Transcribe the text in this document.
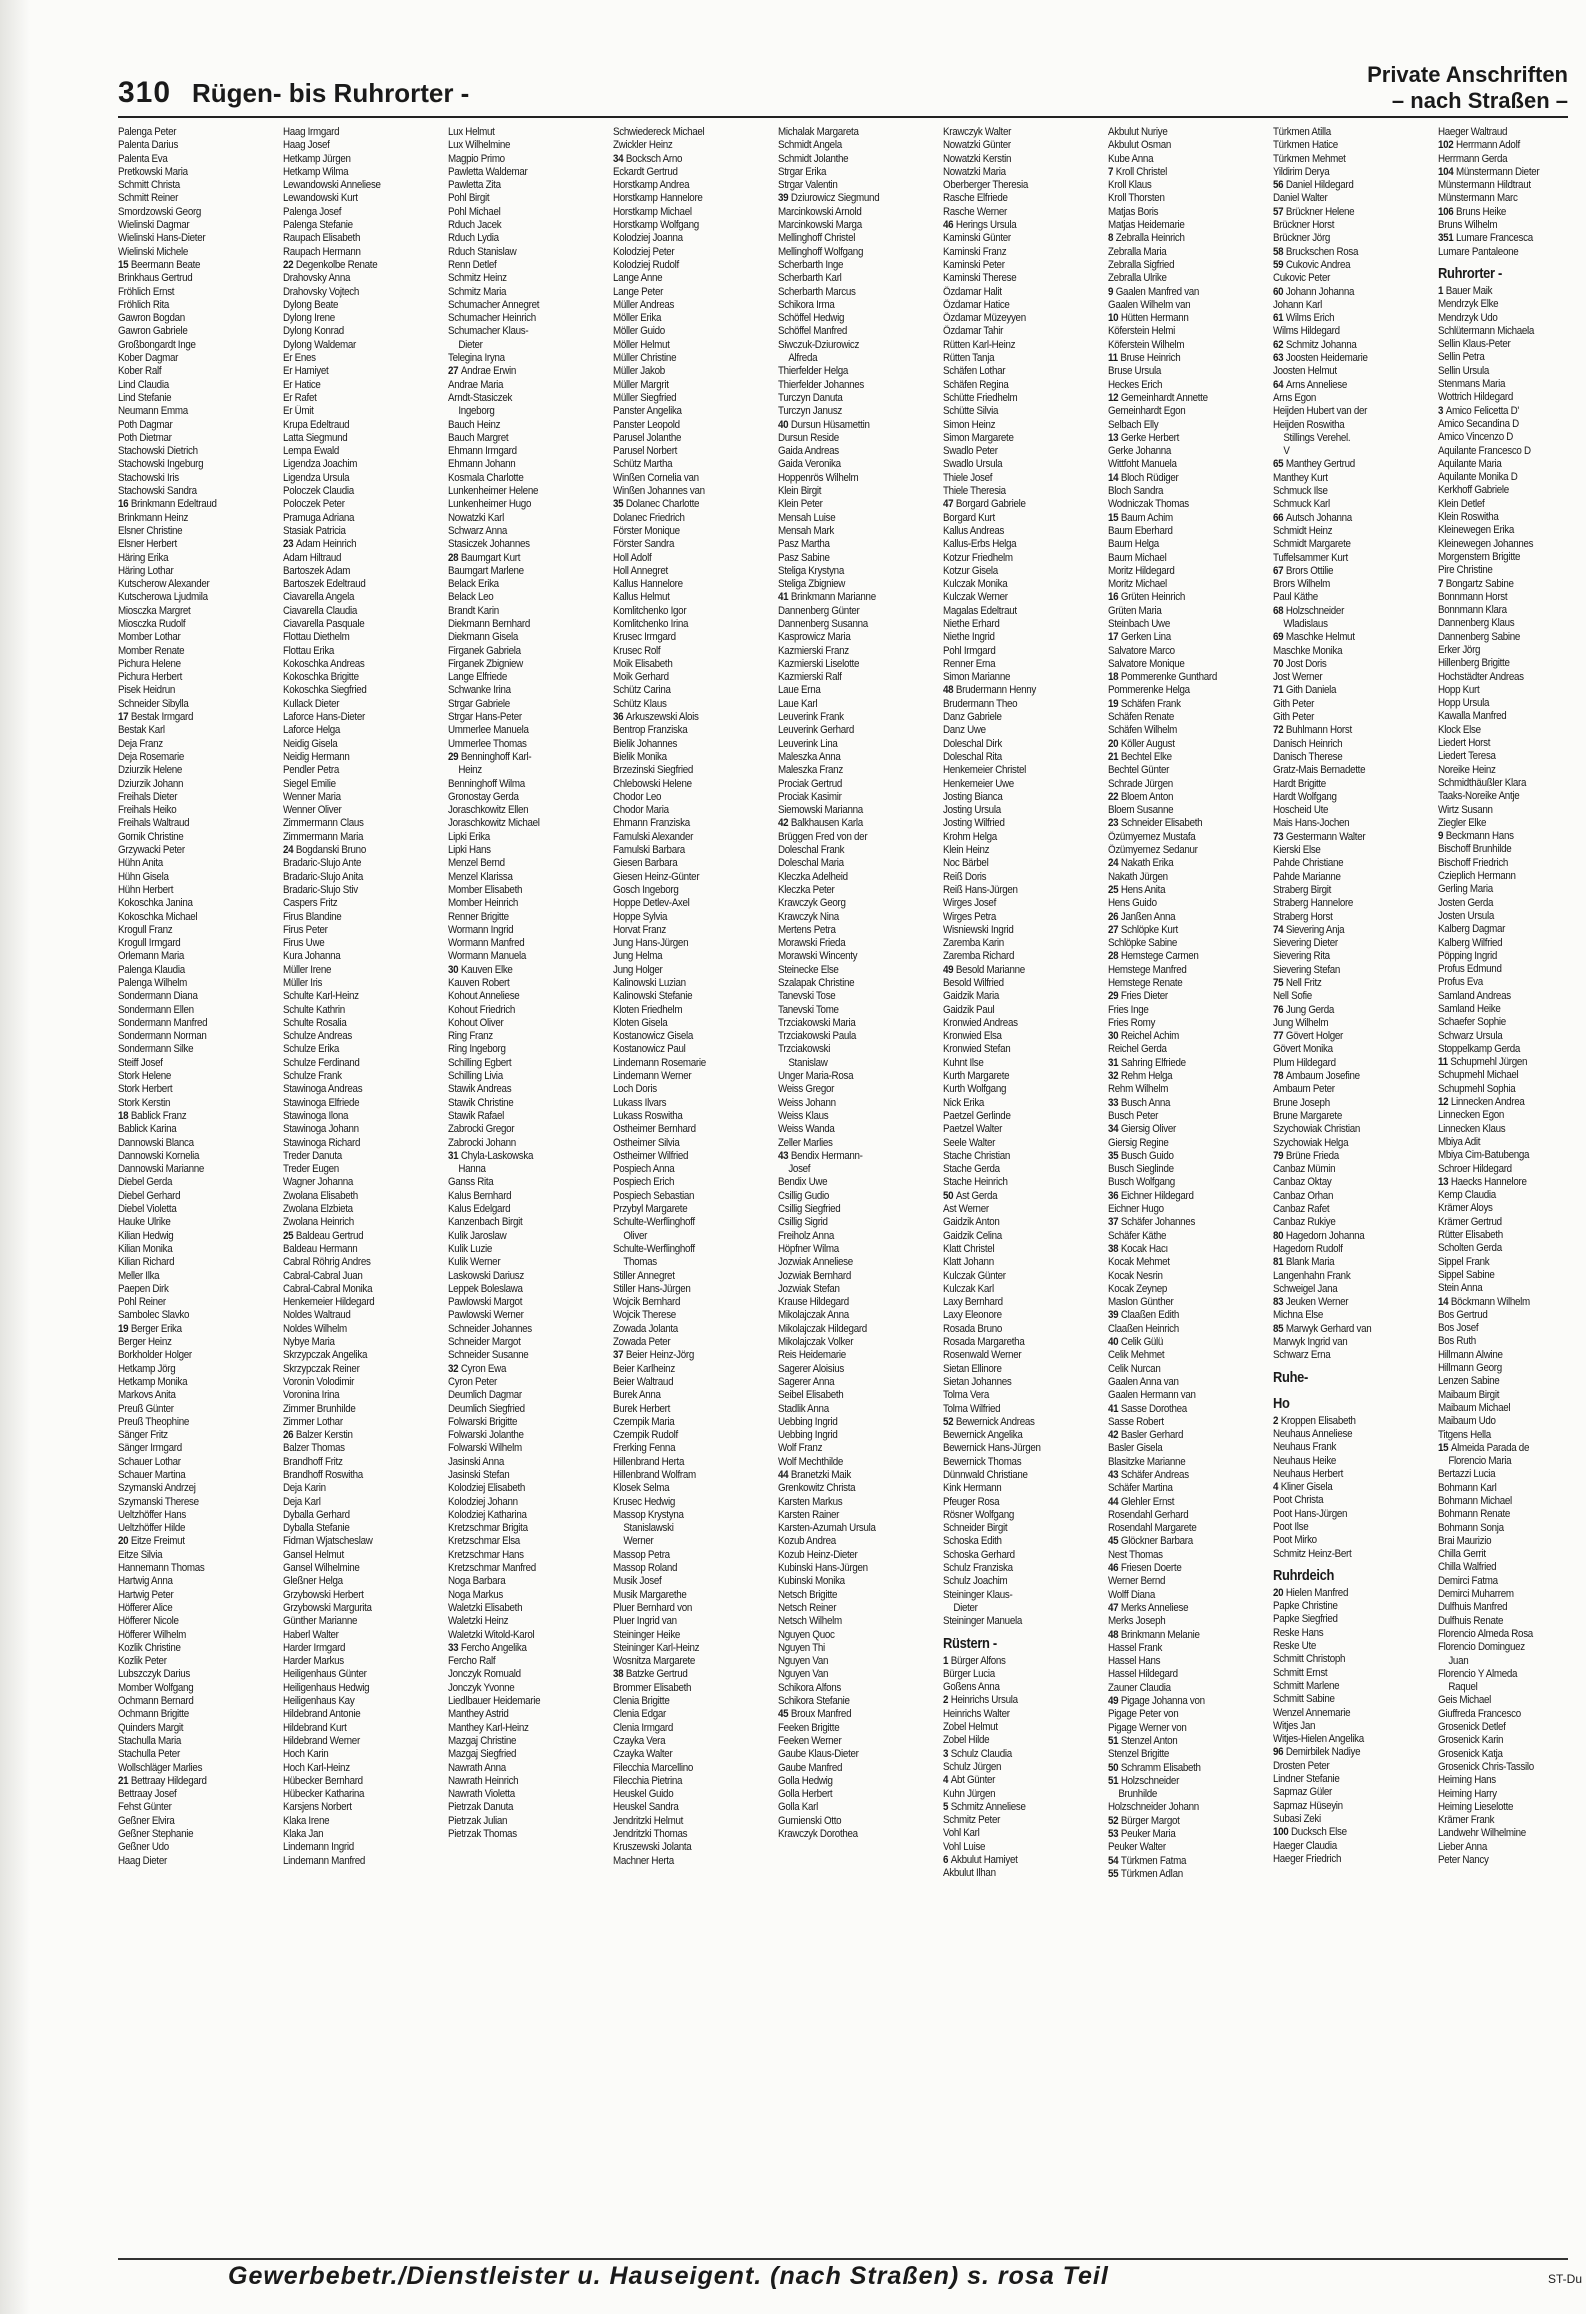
310 Rügen- bis Ruhrorter -
Private Anschriften
– nach Straßen –
Palenga Peter
Palenta Darius
Palenta Eva
Pretkowski Maria
Schmitt Christa
Schmitt Reiner
Smordzowski Georg
Wielinski Dagmar
Wielinski Hans-Dieter
Wielinski Michele
15 Beermann Beate
Brinkhaus Gertrud
Fröhlich Ernst
Fröhlich Rita
Gawron Bogdan
Gawron Gabriele
Großbongardt Inge
Kober Dagmar
Kober Ralf
Lind Claudia
Lind Stefanie
Neumann Emma
Poth Dagmar
Poth Dietmar
Stachowski Dietrich
Stachowski Ingeburg
Stachowski Iris
Stachowski Sandra
16 Brinkmann Edeltraud
Brinkmann Heinz
Elsner Christine
Elsner Herbert
Häring Erika
Häring Lothar
Kutscherow Alexander
Kutscherowa Ljudmila
Miosczka Margret
Miosczka Rudolf
Momber Lothar
Momber Renate
Pichura Helene
Pichura Herbert
Pisek Heidrun
Schneider Sibylla
17 Bestak Irmgard
Bestak Karl
Deja Franz
Deja Rosemarie
Dziurzik Helene
Dziurzik Johann
Freihals Dieter
Freihals Heiko
Freihals Waltraud
Gornik Christine
Grzywacki Peter
Hühn Anita
Hühn Gisela
Hühn Herbert
Kokoschka Janina
Kokoschka Michael
Krogull Franz
Krogull Irmgard
Orlemann Maria
Palenga Klaudia
Palenga Wilhelm
Sondermann Diana
Sondermann Ellen
Sondermann Manfred
Sondermann Norman
Sondermann Silke
Steiff Josef
Stork Helene
Stork Herbert
Stork Kerstin
18 Bablick Franz
Bablick Karina
Dannowski Blanca
Dannowski Kornelia
Dannowski Marianne
Diebel Gerda
Diebel Gerhard
Diebel Violetta
Hauke Ulrike
Kilian Hedwig
Kilian Monika
Kilian Richard
Meller Ilka
Paepen Dirk
Pohl Reiner
Sambolec Slavko
19 Berger Erika
Berger Heinz
Borkholder Holger
Hetkamp Jörg
Hetkamp Monika
Markovs Anita
Preuß Günter
Preuß Theophine
Sänger Fritz
Sänger Irmgard
Schauer Lothar
Schauer Martina
Szymanski Andrzej
Szymanski Therese
Ueltzhöffer Hans
Ueltzhöffer Hilde
20 Eitze Freimut
Eitze Silvia
Hannemann Thomas
Hartwig Anna
Hartwig Peter
Höfferer Alice
Höfferer Nicole
Höfferer Wilhelm
Kozlik Christine
Kozlik Peter
Lubszczyk Darius
Momber Wolfgang
Ochmann Bernard
Ochmann Brigitte
Quinders Margit
Stachulla Maria
Stachulla Peter
Wollschläger Marlies
21 Bettraay Hildegard
Bettraay Josef
Fehst Günter
Geßner Elvira
Geßner Stephanie
Geßner Udo
Haag Dieter
Haag Irmgard
Haag Josef
Hetkamp Jürgen
Hetkamp Wilma
Lewandowski Anneliese
Lewandowski Kurt
Palenga Josef
Palenga Stefanie
Raupach Elisabeth
Raupach Hermann
22 Degenkolbe Renate
Drahovsky Anna
Drahovsky Vojtech
Dylong Beate
Dylong Irene
Dylong Konrad
Dylong Waldemar
Er Enes
Er Hamiyet
Er Hatice
Er Rafet
Er Ümit
Krupa Edeltraud
Latta Siegmund
Lempa Ewald
Ligendza Joachim
Ligendza Ursula
Poloczek Claudia
Poloczek Peter
Pramuga Adriana
Stasiak Patricia
23 Adam Heinrich
Adam Hiltraud
Bartoszek Adam
Bartoszek Edeltraud
Ciavarella Angela
Ciavarella Claudia
Ciavarella Pasquale
Flottau Diethelm
Flottau Erika
Kokoschka Andreas
Kokoschka Brigitte
Kokoschka Siegfried
Kullack Dieter
Laforce Hans-Dieter
Laforce Helga
Neidig Gisela
Neidig Hermann
Pendler Petra
Siegel Emilie
Wenner Maria
Wenner Oliver
Zimmermann Claus
Zimmermann Maria
24 Bogdanski Bruno
Bradaric-Slujo Ante
Bradaric-Slujo Anita
Bradaric-Slujo Stiv
Caspers Fritz
Firus Blandine
Firus Peter
Firus Uwe
Kura Johanna
Müller Irene
Müller Iris
Schulte Karl-Heinz
Schulte Kathrin
Schulte Rosalia
Schulze Andreas
Schulze Erika
Schulze Ferdinand
Schulze Frank
Stawinoga Andreas
Stawinoga Elfriede
Stawinoga Ilona
Stawinoga Johann
Stawinoga Richard
Treder Danuta
Treder Eugen
Wagner Johanna
Zwolana Elisabeth
Zwolana Elzbieta
Zwolana Heinrich
25 Baldeau Gertrud
Baldeau Hermann
Cabral Röhrig Andres
Cabral-Cabral Juan
Cabral-Cabral Monika
Henkemeier Hildegard
Noldes Waltraud
Noldes Wilhelm
Nybye Maria
Skrzypczak Angelika
Skrzypczak Reiner
Voronin Volodimir
Voronina Irina
Zimmer Brunhilde
Zimmer Lothar
26 Balzer Kerstin
Balzer Thomas
Brandhoff Fritz
Brandhoff Roswitha
Deja Karin
Deja Karl
Dyballa Gerhard
Dyballa Stefanie
Fidman Wjatscheslaw
Gansel Helmut
Gansel Wilhelmine
Gleßner Helga
Grzybowski Herbert
Grzybowski Margurita
Günther Marianne
Haberl Walter
Harder Irmgard
Harder Markus
Heiligenhaus Günter
Heiligenhaus Hedwig
Heiligenhaus Kay
Hildebrand Antonie
Hildebrand Kurt
Hildebrand Werner
Hoch Karin
Hoch Karl-Heinz
Hübecker Bernhard
Hübecker Katharina
Karsjens Norbert
Klaka Irene
Klaka Jan
Lindemann Ingrid
Lindemann Manfred
Lux Helmut
Lux Wilhelmine
Magpio Primo
Pawletta Waldemar
Pawletta Zita
Pohl Birgit
Pohl Michael
Rduch Jacek
Rduch Lydia
Rduch Stanislaw
Renn Detlef
Schmitz Heinz
Schmitz Maria
Schumacher Annegret
Schumacher Heinrich
Schumacher Klaus-
Dieter
Telegina Iryna
27 Andrae Erwin
Andrae Maria
Arndt-Stasiczek
Ingeborg
Bauch Heinz
Bauch Margret
Ehmann Irmgard
Ehmann Johann
Kosmala Charlotte
Lunkenheimer Helene
Lunkenheimer Hugo
Nowatzki Karl
Schwarz Anna
Stasiczek Johannes
28 Baumgart Kurt
Baumgart Marlene
Belack Erika
Belack Leo
Brandt Karin
Diekmann Bernhard
Diekmann Gisela
Firganek Gabriela
Firganek Zbigniew
Lange Elfriede
Schwanke Irina
Strgar Gabriele
Strgar Hans-Peter
Ummerlee Manuela
Ummerlee Thomas
29 Benninghoff Karl-
Heinz
Benninghoff Wilma
Gronostay Gerda
Joraschkowitz Ellen
Joraschkowitz Michael
Lipki Erika
Lipki Hans
Menzel Bernd
Menzel Klarissa
Momber Elisabeth
Momber Heinrich
Renner Brigitte
Wormann Ingrid
Wormann Manfred
Wormann Manuela
30 Kauven Elke
Kauven Robert
Kohout Anneliese
Kohout Friedrich
Kohout Oliver
Ring Franz
Ring Ingeborg
Schilling Egbert
Schilling Livia
Stawik Andreas
Stawik Christine
Stawik Rafael
Zabrocki Gregor
Zabrocki Johann
31 Chyla-Laskowska
Hanna
Ganss Rita
Kalus Bernhard
Kalus Edelgard
Kanzenbach Birgit
Kulik Jaroslaw
Kulik Luzie
Kulik Werner
Laskowski Dariusz
Leppek Boleslawa
Pawlowski Margot
Pawlowski Werner
Schneider Johannes
Schneider Margot
Schneider Susanne
32 Cyron Ewa
Cyron Peter
Deumlich Dagmar
Deumlich Siegfried
Folwarski Brigitte
Folwarski Jolanthe
Folwarski Wilhelm
Jasinski Anna
Jasinski Stefan
Kolodziej Elisabeth
Kolodziej Johann
Kolodziej Katharina
Kretzschmar Brigita
Kretzschmar Elsa
Kretzschmar Hans
Kretzschmar Manfred
Noga Barbara
Noga Markus
Waletzki Elisabeth
Waletzki Heinz
Waletzki Witold-Karol
33 Fercho Angelika
Fercho Ralf
Jonczyk Romuald
Jonczyk Yvonne
Liedlbauer Heidemarie
Manthey Astrid
Manthey Karl-Heinz
Mazgaj Christine
Mazgaj Siegfried
Nawrath Anna
Nawrath Heinrich
Nawrath Violetta
Pietrzak Danuta
Pietrzak Julian
Pietrzak Thomas
Schwiedereck Michael
Zwickler Heinz
34 Bocksch Arno
Eckardt Gertrud
Horstkamp Andrea
Horstkamp Hannelore
Horstkamp Michael
Horstkamp Wolfgang
Kolodziej Joanna
Kolodziej Peter
Kolodziej Rudolf
Lange Anne
Lange Peter
Müller Andreas
Möller Erika
Möller Guido
Möller Helmut
Müller Christine
Müller Jakob
Müller Margrit
Müller Siegfried
Panster Angelika
Panster Leopold
Parusel Jolanthe
Parusel Norbert
Schütz Martha
Winßen Cornelia van
Winßen Johannes van
35 Dolanec Charlotte
Dolanec Friedrich
Förster Monique
Förster Sandra
Holl Adolf
Holl Annegret
Kallus Hannelore
Kallus Helmut
Komlitchenko Igor
Komlitchenko Irina
Krusec Irmgard
Krusec Rolf
Moik Elisabeth
Moik Gerhard
Schütz Carina
Schütz Klaus
36 Arkuszewski Alois
Bentrop Franziska
Bielik Johannes
Bielik Monika
Brzezinski Siegfried
Chlebowski Helene
Chodor Leo
Chodor Maria
Ehmann Franziska
Famulski Alexander
Famulski Barbara
Giesen Barbara
Giesen Heinz-Günter
Gosch Ingeborg
Hoppe Detlev-Axel
Hoppe Sylvia
Horvat Franz
Jung Hans-Jürgen
Jung Helma
Jung Holger
Kalinowski Luzian
Kalinowski Stefanie
Kloten Friedhelm
Kloten Gisela
Kostanowicz Gisela
Kostanowicz Paul
Lindemann Rosemarie
Lindemann Werner
Loch Doris
Lukass Ilvars
Lukass Roswitha
Ostheimer Bernhard
Ostheimer Silvia
Ostheimer Wilfried
Pospiech Anna
Pospiech Erich
Pospiech Sebastian
Przybyl Margarete
Schulte-Werflinghoff
Oliver
Schulte-Werflinghoff
Thomas
Stiller Annegret
Stiller Hans-Jürgen
Wojcik Bernhard
Wojcik Therese
Zowada Jolanta
Zowada Peter
37 Beier Heinz-Jörg
Beier Karlheinz
Beier Waltraud
Burek Anna
Burek Herbert
Czempik Maria
Czempik Rudolf
Frerking Fenna
Hillenbrand Herta
Hillenbrand Wolfram
Klosek Selma
Krusec Hedwig
Massop Krystyna
Stanislawski
Werner
Massop Petra
Massop Roland
Musik Josef
Musik Margarethe
Pluer Bernhard von
Pluer Ingrid van
Steininger Heike
Steininger Karl-Heinz
Wosnitza Margarete
38 Batzke Gertrud
Brommer Elisabeth
Clenia Brigitte
Clenia Edgar
Clenia Irmgard
Czayka Vera
Czayka Walter
Filecchia Marcellino
Filecchia Pietrina
Heuskel Guido
Heuskel Sandra
Jendritzki Helmut
Jendritzki Thomas
Kruszewski Jolanta
Machner Herta
Michalak Margareta
Schmidt Angela
Schmidt Jolanthe
Strgar Erika
Strgar Valentin
39 Dziurowicz Siegmund
Marcinkowski Arnold
Marcinkowski Marga
Mellinghoff Christel
Mellinghoff Wolfgang
Scherbarth Inge
Scherbarth Karl
Scherbarth Marcus
Schikora Irma
Schöffel Hedwig
Schöffel Manfred
Siwczuk-Dziurowicz
Alfreda
Thierfelder Helga
Thierfelder Johannes
Turczyn Danuta
Turczyn Janusz
40 Dursun Hüsamettin
Dursun Reside
Gaida Andreas
Gaida Veronika
Hoppenrös Wilhelm
Klein Birgit
Klein Peter
Mensah Luise
Mensah Mark
Pasz Martha
Pasz Sabine
Steliga Krystyna
Steliga Zbigniew
41 Brinkmann Marianne
Dannenberg Günter
Dannenberg Susanna
Kasprowicz Maria
Kazmierski Franz
Kazmierski Liselotte
Kazmierski Ralf
Laue Erna
Laue Karl
Leuverink Frank
Leuverink Gerhard
Leuverink Lina
Maleszka Anna
Maleszka Franz
Prociak Gertrud
Prociak Kasimir
Siemowski Marianna
42 Balkhausen Karla
Brüggen Fred von der
Doleschal Frank
Doleschal Maria
Kleczka Adelheid
Kleczka Peter
Krawczyk Georg
Krawczyk Nina
Mertens Petra
Morawski Frieda
Morawski Wincenty
Steinecke Else
Szalapak Christine
Tanevski Tose
Tanevski Tome
Trzciakowski Maria
Trzciakowski Paula
Trzciakowski
Stanislaw
Unger Maria-Rosa
Weiss Gregor
Weiss Johann
Weiss Klaus
Weiss Wanda
Zeller Marlies
43 Bendix Hermann-
Josef
Bendix Uwe
Csillig Gudio
Csillig Siegfried
Csillig Sigrid
Freiholz Anna
Höpfner Wilma
Jozwiak Anneliese
Jozwiak Bernhard
Jozwiak Stefan
Krause Hildegard
Mikolajczak Anna
Mikolajczak Hildegard
Mikolajczak Volker
Reis Heidemarie
Sagerer Aloisius
Sagerer Anna
Seibel Elisabeth
Stadlik Anna
Uebbing Ingrid
Uebbing Ingrid
Wolf Franz
Wolf Mechthilde
44 Branetzki Maik
Grenkowitz Christa
Karsten Markus
Karsten Rainer
Karsten-Azumah Ursula
Kozub Andrea
Kozub Heinz-Dieter
Kubinski Hans-Jürgen
Kubinski Monika
Netsch Brigitte
Netsch Reiner
Netsch Wilhelm
Nguyen Quoc
Nguyen Thi
Nguyen Van
Nguyen Van
Schikora Alfons
Schikora Stefanie
45 Broux Manfred
Feeken Brigitte
Feeken Werner
Gaube Klaus-Dieter
Gaube Manfred
Golla Hedwig
Golla Herbert
Golla Karl
Gumienski Otto
Krawczyk Dorothea
Krawczyk Walter
Nowatzki Günter
Nowatzki Kerstin
Nowatzki Maria
Oberberger Theresia
Rasche Elfriede
Rasche Werner
46 Herings Ursula
Kaminski Günter
Kaminski Franz
Kaminski Peter
Kaminski Therese
Özdamar Halit
Özdamar Hatice
Özdamar Müzeyyen
Özdamar Tahir
Rütten Karl-Heinz
Rütten Tanja
Schäfen Lothar
Schäfen Regina
Schütte Friedhelm
Schütte Silvia
Simon Heinz
Simon Margarete
Swadlo Peter
Swadlo Ursula
Thiele Josef
Thiele Theresia
47 Borgard Gabriele
Borgard Kurt
Kallus Andreas
Kallus-Erbs Helga
Kotzur Friedhelm
Kotzur Gisela
Kulczak Monika
Kulczak Werner
Magalas Edeltraut
Niethe Erhard
Niethe Ingrid
Pohl Irmgard
Renner Erna
Simon Marianne
48 Brudermann Henny
Brudermann Theo
Danz Gabriele
Danz Uwe
Doleschal Dirk
Doleschal Rita
Henkemeier Christel
Henkemeier Uwe
Josting Bianca
Josting Ursula
Josting Wilfried
Krohm Helga
Klein Heinz
Noc Bärbel
Reiß Doris
Reiß Hans-Jürgen
Wirges Josef
Wirges Petra
Wisniewski Ingrid
Zaremba Karin
Zaremba Richard
49 Besold Marianne
Besold Wilfried
Gaidzik Maria
Gaidzik Paul
Kronwied Andreas
Kronwied Elsa
Kronwied Stefan
Kuhnt Ilse
Kurth Margarete
Kurth Wolfgang
Nick Erika
Paetzel Gerlinde
Paetzel Walter
Seele Walter
Stache Christian
Stache Gerda
Stache Heinrich
50 Ast Gerda
Ast Werner
Gaidzik Anton
Gaidzik Celina
Klatt Christel
Klatt Johann
Kulczak Günter
Kulczak Karl
Laxy Bernhard
Laxy Eleonore
Rosada Bruno
Rosada Margaretha
Rosenwald Werner
Sietan Ellinore
Sietan Johannes
Tolma Vera
Tolma Wilfried
52 Bewernick Andreas
Bewernick Angelika
Bewernick Hans-Jürgen
Bewernick Thomas
Dünnwald Christiane
Kink Hermann
Pfeuger Rosa
Rösner Wolfgang
Schneider Birgit
Schoska Edith
Schoska Gerhard
Schulz Franziska
Schulz Joachim
Steininger Klaus-
Dieter
Steininger Manuela
Rüstern -
1 Bürger Alfons
Bürger Lucia
Goßens Anna
2 Heinrichs Ursula
Heinrichs Walter
Zobel Helmut
Zobel Hilde
3 Schulz Claudia
Schulz Jürgen
4 Abt Günter
Kuhn Jürgen
5 Schmitz Anneliese
Schmitz Peter
Vohl Karl
Vohl Luise
6 Akbulut Hamiyet
Akbulut Ilhan
Akbulut Nuriye
Akbulut Osman
Kube Anna
7 Kroll Christel
Kroll Klaus
Kroll Thorsten
Matjas Boris
Matjas Heidemarie
8 Zebralla Heinrich
Zebralla Maria
Zebralla Sigfried
Zebralla Ulrike
9 Gaalen Manfred van
Gaalen Wilhelm van
10 Hütten Hermann
Köferstein Helmi
Köferstein Wilhelm
11 Bruse Heinrich
Bruse Ursula
Heckes Erich
12 Gemeinhardt Annette
Gemeinhardt Egon
Selbach Elly
13 Gerke Herbert
Gerke Johanna
Wittfoht Manuela
14 Bloch Rüdiger
Bloch Sandra
Wodniczak Thomas
15 Baum Achim
Baum Eberhard
Baum Helga
Baum Michael
Moritz Hildegard
Moritz Michael
16 Grüten Heinrich
Grüten Maria
Steinbach Uwe
17 Gerken Lina
Salvatore Marco
Salvatore Monique
18 Pommerenke Gunthard
Pommerenke Helga
19 Schäfen Frank
Schäfen Renate
Schäfen Wilhelm
20 Köller August
21 Bechtel Elke
Bechtel Günter
Schrade Jürgen
22 Bloem Anton
Bloem Susanne
23 Schneider Elisabeth
Özümyemez Mustafa
Özümyemez Sedanur
24 Nakath Erika
Nakath Jürgen
25 Hens Anita
Hens Guido
26 Janßen Anna
27 Schlöpke Kurt
Schlöpke Sabine
28 Hemstege Carmen
Hemstege Manfred
Hemstege Renate
29 Fries Dieter
Fries Inge
Fries Romy
30 Reichel Achim
Reichel Gerda
31 Sahring Elfriede
32 Rehm Helga
Rehm Wilhelm
33 Busch Anna
Busch Peter
34 Giersig Oliver
Giersig Regine
35 Busch Guido
Busch Sieglinde
Busch Wolfgang
36 Eichner Hildegard
Eichner Hugo
37 Schäfer Johannes
Schäfer Käthe
38 Kocak Hacı
Kocak Mehmet
Kocak Nesrin
Kocak Zeynep
Maslon Günther
39 Claaßen Edith
Claaßen Heinrich
40 Celik Gülü
Celik Mehmet
Celik Nurcan
Gaalen Anna van
Gaalen Hermann van
41 Sasse Dorothea
Sasse Robert
42 Basler Gerhard
Basler Gisela
Blasitzke Marianne
43 Schäfer Andreas
Schäfer Martina
44 Glehler Ernst
Rosendahl Gerhard
Rosendahl Margarete
45 Glöckner Barbara
Nest Thomas
46 Friesen Doerte
Werner Bernd
Wolff Diana
47 Merks Anneliese
Merks Joseph
48 Brinkmann Melanie
Hassel Frank
Hassel Hans
Hassel Hildegard
Zauner Claudia
49 Pigage Johanna von
Pigage Peter von
Pigage Werner von
51 Stenzel Anton
Stenzel Brigitte
50 Schramm Elisabeth
51 Holzschneider
Brunhilde
Holzschneider Johann
52 Bürger Margot
53 Peuker Maria
Peuker Walter
54 Türkmen Fatma
55 Türkmen Adlan
Türkmen Atilla
Türkmen Hatice
Türkmen Mehmet
Yildirim Derya
56 Daniel Hildegard
Daniel Walter
57 Brückner Helene
Brückner Horst
Brückner Jörg
58 Bruckschen Rosa
59 Cukovic Andrea
Cukovic Peter
60 Johann Johanna
Johann Karl
61 Wilms Erich
Wilms Hildegard
62 Schmitz Johanna
63 Joosten Heidemarie
Joosten Helmut
64 Arns Anneliese
Arns Egon
Heijden Hubert van der
Heijden Roswitha
Stillings Verehel.
V
65 Manthey Gertrud
Manthey Kurt
Schmuck Ilse
Schmuck Karl
66 Autsch Johanna
Schmidt Heinz
Schmidt Margarete
Tuffelsammer Kurt
67 Brors Ottilie
Brors Wilhelm
Paul Käthe
68 Holzschneider
Wladislaus
69 Maschke Helmut
Maschke Monika
70 Jost Doris
Jost Werner
71 Gith Daniela
Gith Peter
Gith Peter
72 Buhlmann Horst
Danisch Heinrich
Danisch Therese
Gratz-Mais Bernadette
Hardt Brigitte
Hardt Wolfgang
Hoscheid Ute
Mais Hans-Jochen
73 Gestermann Walter
Kierski Else
Pahde Christiane
Pahde Marianne
Straberg Birgit
Straberg Hannelore
Straberg Horst
74 Sievering Anja
Sievering Dieter
Sievering Rita
Sievering Stefan
75 Nell Fritz
Nell Sofie
76 Jung Gerda
Jung Wilhelm
77 Gövert Holger
Gövert Monika
Plum Hildegard
78 Ambaum Josefine
Ambaum Peter
Brune Joseph
Brune Margarete
Szychowiak Christian
Szychowiak Helga
79 Brüne Frieda
Canbaz Mümin
Canbaz Oktay
Canbaz Orhan
Canbaz Rafet
Canbaz Rukiye
80 Hagedorn Johanna
Hagedorn Rudolf
81 Blank Maria
Langenhahn Frank
Schweigel Jana
83 Jeuken Werner
Michna Else
85 Marwyk Gerhard van
Marwyk Ingrid van
Schwarz Erna
Ruhe-
Ho
2 Kroppen Elisabeth
Neuhaus Anneliese
Neuhaus Frank
Neuhaus Heike
Neuhaus Herbert
4 Kliner Gisela
Poot Christa
Poot Hans-Jürgen
Poot Ilse
Poot Mirko
Schmitz Heinz-Bert
Ruhrdeich
20 Hielen Manfred
Papke Christine
Papke Siegfried
Reske Hans
Reske Ute
Schmitt Christoph
Schmitt Ernst
Schmitt Marlene
Schmitt Sabine
Wenzel Annemarie
Witjes Jan
Witjes-Hielen Angelika
96 Demirbilek Nadiye
Drosten Peter
Lindner Stefanie
Sapmaz Güler
Sapmaz Hüseyin
Subasi Zeki
100 Ducksch Else
Haeger Claudia
Haeger Friedrich
Haeger Waltraud
102 Herrmann Adolf
Herrmann Gerda
104 Münstermann Dieter
Münstermann Hildtraut
Münstermann Marc
106 Bruns Heike
Bruns Wilhelm
351 Lumare Francesca
Lumare Pantaleone
Ruhrorter -
1 Bauer Maik
Mendrzyk Elke
Mendrzyk Udo
Schlütermann Michaela
Sellin Klaus-Peter
Sellin Petra
Sellin Ursula
Stenmans Maria
Wottrich Hildegard
3 Amico Felicetta D'
Amico Secandina D
Amico Vincenzo D
Aquilante Francesco D
Aquilante Maria
Aquilante Monika D
Kerkhoff Gabriele
Klein Detlef
Klein Roswitha
Kleinewegen Erika
Kleinewegen Johannes
Morgenstern Brigitte
Pire Christine
7 Bongartz Sabine
Bonnmann Horst
Bonnmann Klara
Dannenberg Klaus
Dannenberg Sabine
Erker Jörg
Hillenberg Brigitte
Hochstädter Andreas
Hopp Kurt
Hopp Ursula
Kawalla Manfred
Klock Else
Liedert Horst
Liedert Teresa
Noreike Heinz
Schmidthäußler Klara
Taaks-Noreike Antje
Wirtz Susann
Ziegler Elke
9 Beckmann Hans
Bischoff Brunhilde
Bischoff Friedrich
Czieplich Hermann
Gerling Maria
Josten Gerda
Josten Ursula
Kalberg Dagmar
Kalberg Wilfried
Pöpping Ingrid
Profus Edmund
Profus Eva
Samland Andreas
Samland Heike
Schaefer Sophie
Schwarz Ursula
Stoppelkamp Gerda
11 Schupmehl Jürgen
Schupmehl Michael
Schupmehl Sophia
12 Linnecken Andrea
Linnecken Egon
Linnecken Klaus
Mbiya Adit
Mbiya Cim-Batubenga
Schroer Hildegard
13 Haecks Hannelore
Kemp Claudia
Krämer Aloys
Krämer Gertrud
Rütter Elisabeth
Scholten Gerda
Sippel Frank
Sippel Sabine
Stein Anna
14 Böckmann Wilhelm
Bos Gertrud
Bos Josef
Bos Ruth
Hillmann Alwine
Hillmann Georg
Lenzen Sabine
Maibaum Birgit
Maibaum Michael
Maibaum Udo
Titgens Hella
15 Almeida Parada de
Florencio Maria
Bertazzi Lucia
Bohmann Karl
Bohmann Michael
Bohmann Renate
Bohmann Sonja
Brai Maurizio
Chilla Gerrit
Chilla Walfried
Demirci Fatma
Demirci Muharrem
Dulfhuis Manfred
Dulfhuis Renate
Florencio Almeda Rosa
Florencio Dominguez
Juan
Florencio Y Almeda
Raquel
Geis Michael
Giuffreda Francesco
Grosenick Detlef
Grosenick Karin
Grosenick Katja
Grosenick Chris-Tassilo
Heiming Hans
Heiming Harry
Heiming Lieselotte
Krämer Frank
Landwehr Wilhelmine
Lieber Anna
Peter Nancy
Gewerbebetr./Dienstleister u. Hauseigent. (nach Straßen) s. rosa Teil	ST-Du
